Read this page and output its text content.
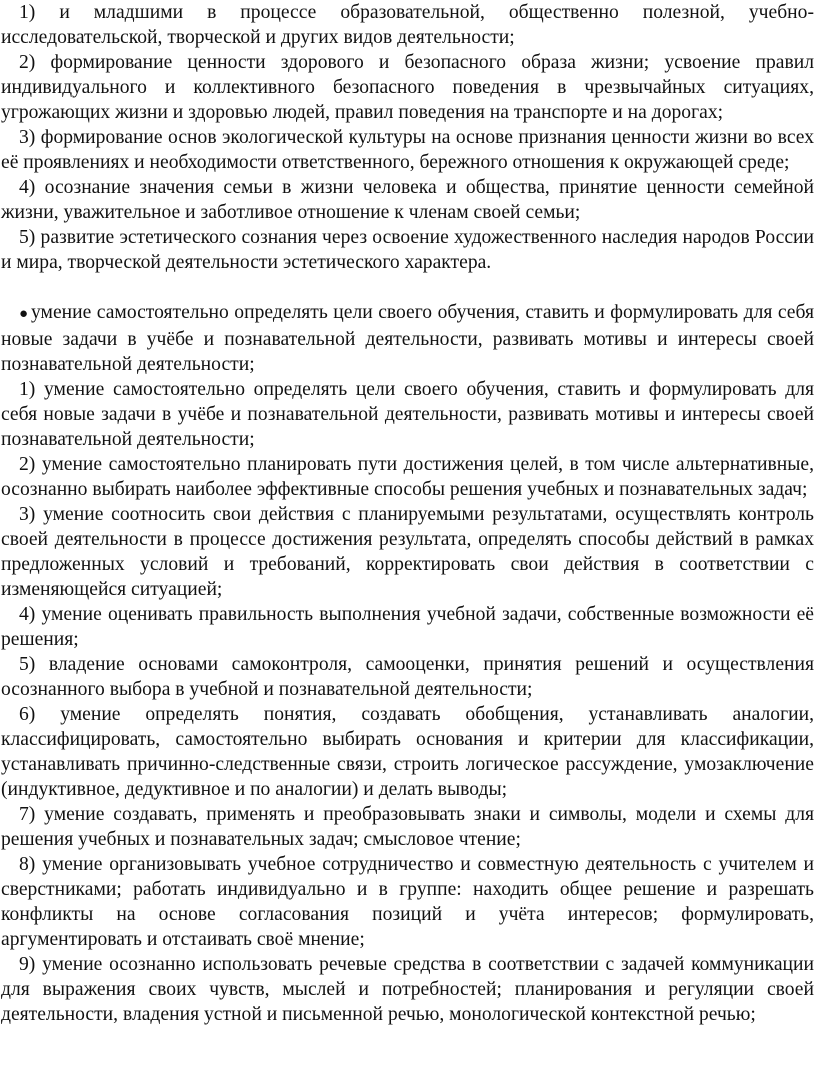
1) и младшими в процессе образовательной, общественно полезной, учебно-исследовательской, творческой и других видов деятельности;

2) формирование ценности здорового и безопасного образа жизни; усвоение правил индивидуального и коллективного безопасного поведения в чрезвычайных ситуациях, угрожающих жизни и здоровью людей, правил поведения на транспорте и на дорогах;

3) формирование основ экологической культуры на основе признания ценности жизни во всех её проявлениях и необходимости ответственного, бережного отношения к окружающей среде;

4) осознание значения семьи в жизни человека и общества, принятие ценности семейной жизни, уважительное и заботливое отношение к членам своей семьи;

5) развитие эстетического сознания через освоение художественного наследия народов России и мира, творческой деятельности эстетического характера.

● умение самостоятельно определять цели своего обучения, ставить и формулировать для себя новые задачи в учёбе и познавательной деятельности, развивать мотивы и интересы своей познавательной деятельности;

1) умение самостоятельно определять цели своего обучения, ставить и формулировать для себя новые задачи в учёбе и познавательной деятельности, развивать мотивы и интересы своей познавательной деятельности;

2) умение самостоятельно планировать пути достижения целей, в том числе альтернативные, осознанно выбирать наиболее эффективные способы решения учебных и познавательных задач;

3) умение соотносить свои действия с планируемыми результатами, осуществлять контроль своей деятельности в процессе достижения результата, определять способы действий в рамках предложенных условий и требований, корректировать свои действия в соответствии с изменяющейся ситуацией;

4) умение оценивать правильность выполнения учебной задачи, собственные возможности её решения;

5) владение основами самоконтроля, самооценки, принятия решений и осуществления осознанного выбора в учебной и познавательной деятельности;

6) умение определять понятия, создавать обобщения, устанавливать аналогии, классифицировать, самостоятельно выбирать основания и критерии для классификации, устанавливать причинно-следственные связи, строить логическое рассуждение, умозаключение (индуктивное, дедуктивное и по аналогии) и делать выводы;

7) умение создавать, применять и преобразовывать знаки и символы, модели и схемы для решения учебных и познавательных задач; смысловое чтение;

8) умение организовывать учебное сотрудничество и совместную деятельность с учителем и сверстниками; работать индивидуально и в группе: находить общее решение и разрешать конфликты на основе согласования позиций и учёта интересов; формулировать, аргументировать и отстаивать своё мнение;

9) умение осознанно использовать речевые средства в соответствии с задачей коммуникации для выражения своих чувств, мыслей и потребностей; планирования и регуляции своей деятельности, владения устной и письменной речью, монологической контекстной речью;
